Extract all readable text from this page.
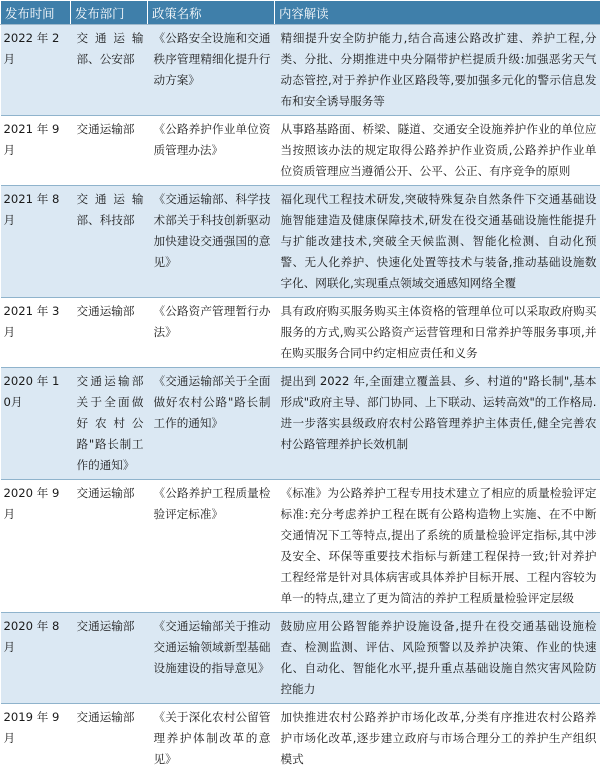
发布时间	发布部门	政策名称	内容解读
2022 年 2 月	交通运输部、公安部	《公路安全设施和交通秩序管理精细化提升行动方案》	精细提升安全防护能力,结合高速公路改扩建、养护工程,分类、分批、分期推进中央分隔带护栏提质升级:加强恶劣天气动态管控,对于养护作业区路段等,要加强多元化的警示信息发布和安全诱导服务等
2021 年 9 月	交通运输部	《公路养护作业单位资质管理办法》	从事路基路面、桥梁、隧道、交通安全设施养护作业的单位应当按照该办法的规定取得公路养护作业资质,公路养护作业单位资质管理应当遵循公开、公平、公正、有序竞争的原则
2021 年 8 月	交通运输部、科技部	《交通运输部、科学技术部关于科技创新驱动加快建设交通强国的意见》	福化现代工程技术研发,突破特殊复杂自然条件下交通基础设施智能建造及健康保障技术,研发在役交通基础设施性能提升与扩能改建技术,突破全天候监测、智能化检测、自动化预警、无人化养护、快速化处置等技术与装备,推动基础设施数字化、网联化,实现重点领域交通感知网络全覆
2021 年 3 月	交通运输部	《公路资产管理暂行办法》	具有政府购买服务购买主体资格的管理单位可以采取政府购买服务的方式,购买公路资产运营管理和日常养护等服务事项,并在购买服务合同中约定相应责任和义务
2020 年 10月	交通运输部关于全面做好农村公路"路长制工作的通知》	《交通运输部关于全面做好农村公路"路长制工作的通知》	提出到 2022 年,全面建立覆盖县、乡、村道的"路长制",基本形成"政府主导、部门协同、上下联动、运转高效"的工作格局.进一步落实县级政府农村公路管理养护主体责任,健全完善农村公路管理养护长效机制
2020 年 9 月	交通运输部	《公路养护工程质量检验评定标准》	《标准》为公路养护工程专用技术建立了相应的质量检验评定标准:充分考虑养护工程在既有公路构造物上实施、在不中断交通情况下工等特点,提出了系统的质量检验评定指标,其中涉及安全、环保等重要技术指标与新建工程保持一致;针对养护工程经常是针对具体病害或具体养护目标开展、工程内容较为单一的特点,建立了更为简洁的养护工程质量检验评定层级
2020 年 8 月	交通运输部	《交通运输部关于推动交通运输领域新型基础设施建设的指导意见》	鼓励应用公路智能养护设施设备,提升在役交通基础设施检查、检测监测、评估、风险预警以及养护决策、作业的快速化、自动化、智能化水平,提升重点基础设施自然灾害风险防控能力
2019 年 9 月	交通运输部	《关于深化农村公留管理养护体制改革的意见》	加快推进农村公路养护市场化改革,分类有序推进农村公路养护市场化改革,逐步建立政府与市场合理分工的养护生产组织模式
